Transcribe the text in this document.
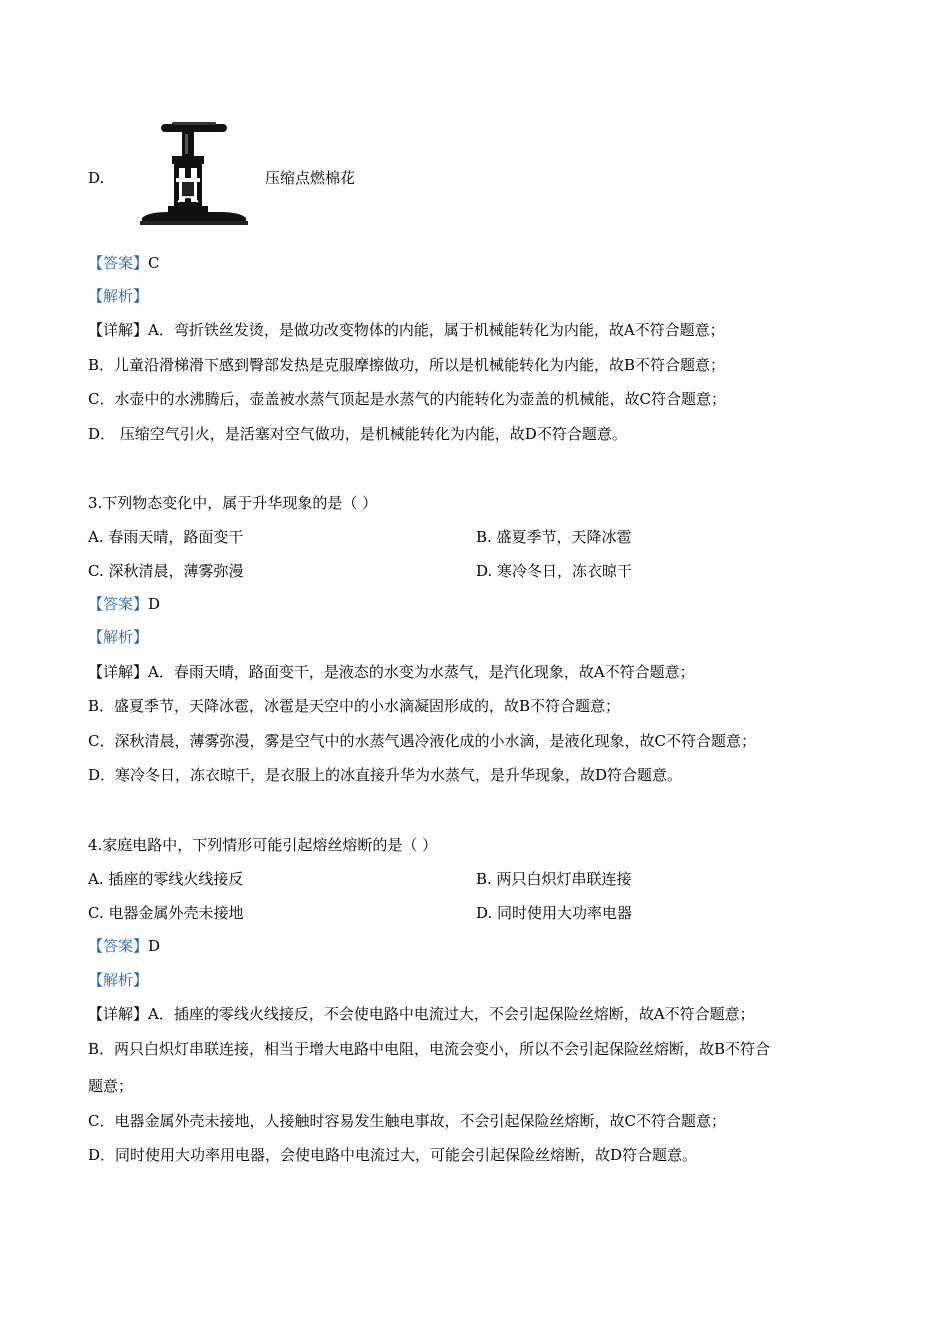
D.	压缩点燃棉花
【答案】C
【解析】
【详解】A．弯折铁丝发烫，是做功改变物体的内能，属于机械能转化为内能，故A不符合题意；
B．儿童沿滑梯滑下感到臀部发热是克服摩擦做功，所以是机械能转化为内能，故B不符合题意；
C．水壶中的水沸腾后，壶盖被水蒸气顶起是水蒸气的内能转化为壶盖的机械能，故C符合题意；
D． 压缩空气引火，是活塞对空气做功，是机械能转化为内能，故D不符合题意。
3.下列物态变化中，属于升华现象的是（ ）
A. 春雨天晴，路面变干	B. 盛夏季节，天降冰雹
C. 深秋清晨，薄雾弥漫	D. 寒冷冬日，冻衣晾干
【答案】D
【解析】
【详解】A．春雨天晴，路面变干，是液态的水变为水蒸气，是汽化现象，故A不符合题意；
B．盛夏季节，天降冰雹，冰雹是天空中的小水滴凝固形成的，故B不符合题意；
C．深秋清晨，薄雾弥漫，雾是空气中的水蒸气遇冷液化成的小水滴，是液化现象，故C不符合题意；
D．寒冷冬日，冻衣晾干，是衣服上的冰直接升华为水蒸气，是升华现象，故D符合题意。
4.家庭电路中，下列情形可能引起熔丝熔断的是（ ）
A. 插座的零线火线接反	B. 两只白炽灯串联连接
C. 电器金属外壳未接地	D. 同时使用大功率电器
【答案】D
【解析】
【详解】A．插座的零线火线接反，不会使电路中电流过大，不会引起保险丝熔断，故A不符合题意；
B．两只白炽灯串联连接，相当于增大电路中电阻，电流会变小，所以不会引起保险丝熔断，故B不符合
题意；
C．电器金属外壳未接地，人接触时容易发生触电事故，不会引起保险丝熔断，故C不符合题意；
D．同时使用大功率用电器，会使电路中电流过大，可能会引起保险丝熔断，故D符合题意。
